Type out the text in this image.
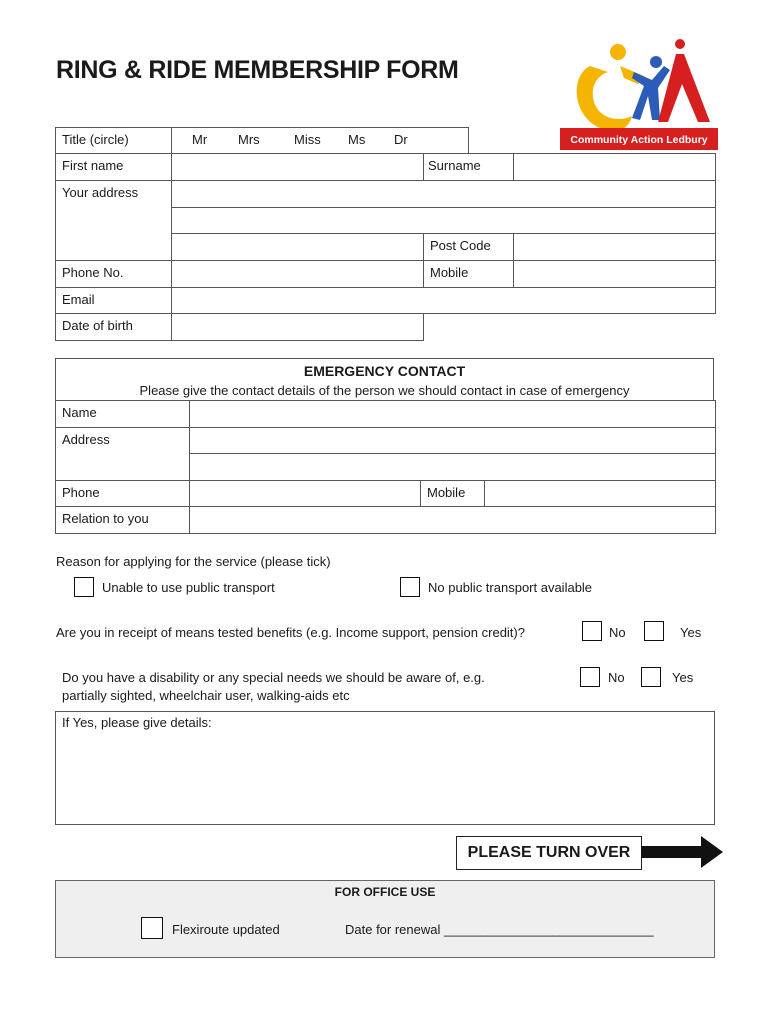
RING & RIDE MEMBERSHIP FORM
Community Action Ledbury
Title (circle)	Mr Mrs Miss Ms Dr			
First name		Surname		
Your address				

		Post Code		
Phone No.		Mobile		
Email				
Date of birth				
EMERGENCY CONTACT
Please give the contact details of the person we should contact in case of emergency
Name			
Address			

Phone		Mobile	
Relation to you			
Reason for applying for the service (please tick)
Unable to use public transport	No public transport available
Are you in receipt of means tested benefits (e.g. Income support, pension credit)?	No	Yes
Do you have a disability or any special needs we should be aware of, e.g.
partially sighted, wheelchair user, walking-aids etc
No	Yes
If Yes, please give details:
PLEASE TURN OVER
FOR OFFICE USE
Flexiroute updated	Date for renewal _____________________________
